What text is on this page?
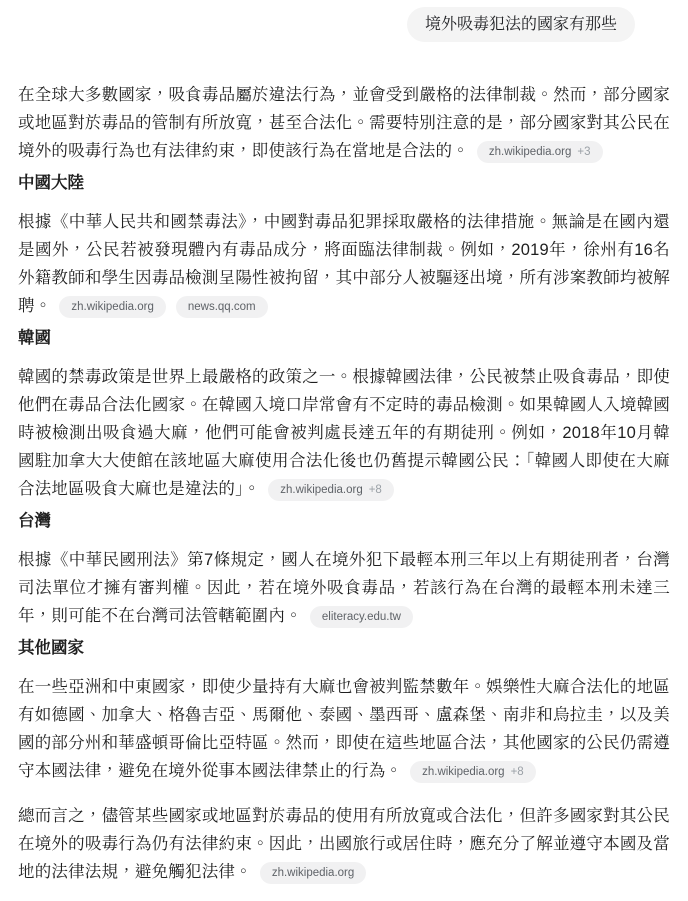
境外吸毒犯法的國家有那些

在全球大多數國家，吸食毒品屬於違法行為，並會受到嚴格的法律制裁。然而，部分國家或地區對於毒品的管制有所放寬，甚至合法化。需要特別注意的是，部分國家對其公民在境外的吸毒行為也有法律約束，即使該行為在當地是合法的。 zh.wikipedia.org +3

中國大陸

根據《中華人民共和國禁毒法》，中國對毒品犯罪採取嚴格的法律措施。無論是在國內還是國外，公民若被發現體內有毒品成分，將面臨法律制裁。例如，2019年，徐州有16名外籍教師和學生因毒品檢測呈陽性被拘留，其中部分人被驅逐出境，所有涉案教師均被解聘。 zh.wikipedia.org	news.qq.com

韓國

韓國的禁毒政策是世界上最嚴格的政策之一。根據韓國法律，公民被禁止吸食毒品，即使他們在毒品合法化國家。在韓國入境口岸常會有不定時的毒品檢測。如果韓國人入境韓國時被檢測出吸食過大麻，他們可能會被判處長達五年的有期徒刑。例如，2018年10月韓國駐加拿大大使館在該地區大麻使用合法化後也仍舊提示韓國公民：「韓國人即使在大麻合法地區吸食大麻也是違法的」。 zh.wikipedia.org +8

台灣

根據《中華民國刑法》第7條規定，國人在境外犯下最輕本刑三年以上有期徒刑者，台灣司法單位才擁有審判權。因此，若在境外吸食毒品，若該行為在台灣的最輕本刑未達三年，則可能不在台灣司法管轄範圍內。 eliteracy.edu.tw

其他國家

在一些亞洲和中東國家，即使少量持有大麻也會被判監禁數年。娛樂性大麻合法化的地區有如德國、加拿大、格魯吉亞、馬爾他、泰國、墨西哥、盧森堡、南非和烏拉圭，以及美國的部分州和華盛頓哥倫比亞特區。然而，即使在這些地區合法，其他國家的公民仍需遵守本國法律，避免在境外從事本國法律禁止的行為。 zh.wikipedia.org +8

總而言之，儘管某些國家或地區對於毒品的使用有所放寬或合法化，但許多國家對其公民在境外的吸毒行為仍有法律約束。因此，出國旅行或居住時，應充分了解並遵守本國及當地的法律法規，避免觸犯法律。 zh.wikipedia.org
